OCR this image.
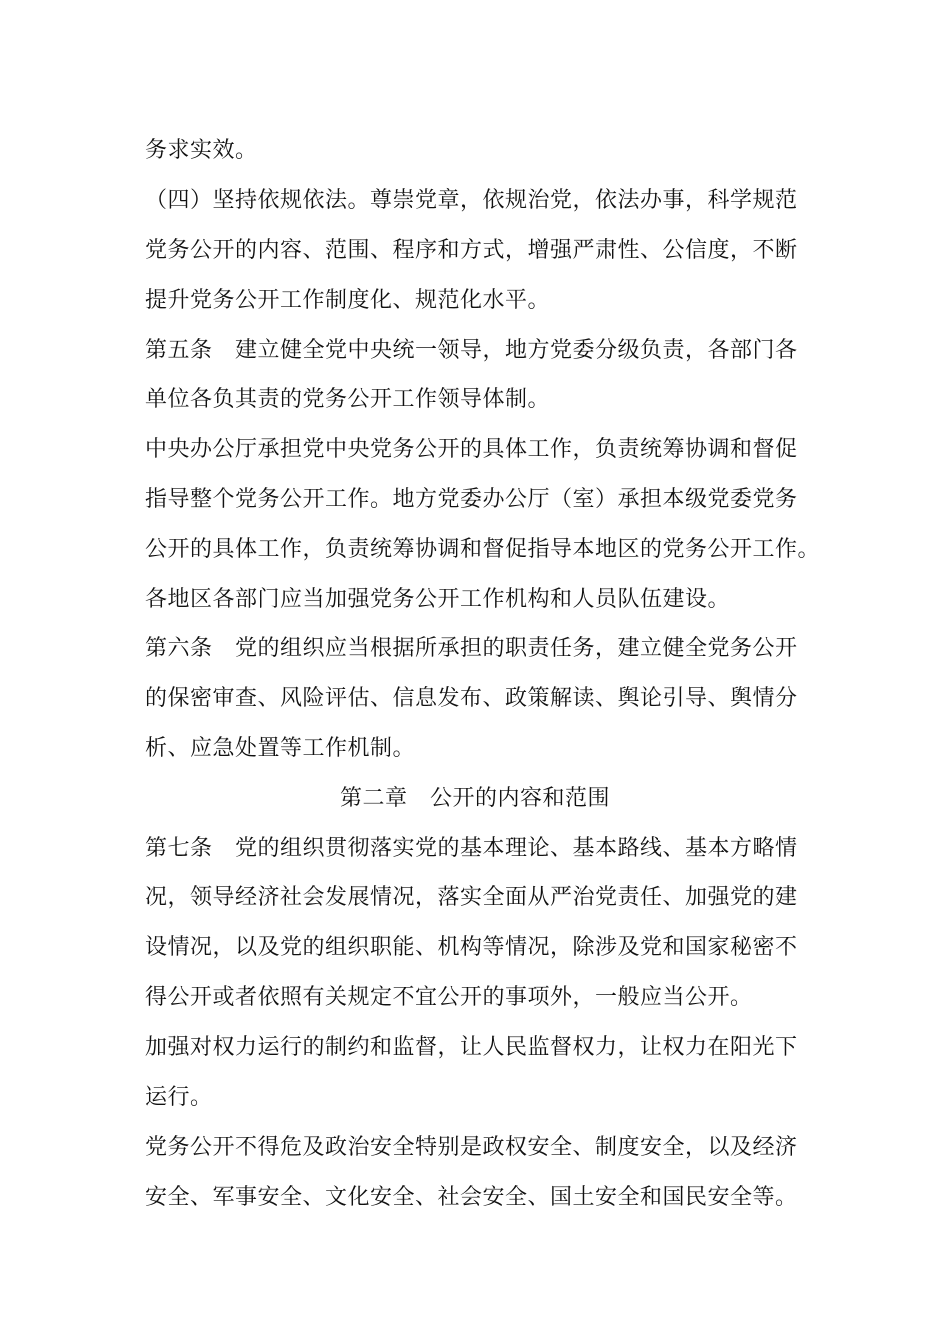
务求实效。
（四）坚持依规依法。尊崇党章，依规治党，依法办事，科学规范
党务公开的内容、范围、程序和方式，增强严肃性、公信度，不断
提升党务公开工作制度化、规范化水平。
第五条　建立健全党中央统一领导，地方党委分级负责，各部门各
单位各负其责的党务公开工作领导体制。
中央办公厅承担党中央党务公开的具体工作，负责统筹协调和督促
指导整个党务公开工作。地方党委办公厅（室）承担本级党委党务
公开的具体工作，负责统筹协调和督促指导本地区的党务公开工作。
各地区各部门应当加强党务公开工作机构和人员队伍建设。
第六条　党的组织应当根据所承担的职责任务，建立健全党务公开
的保密审查、风险评估、信息发布、政策解读、舆论引导、舆情分
析、应急处置等工作机制。
第二章　公开的内容和范围
第七条　党的组织贯彻落实党的基本理论、基本路线、基本方略情
况，领导经济社会发展情况，落实全面从严治党责任、加强党的建
设情况，以及党的组织职能、机构等情况，除涉及党和国家秘密不
得公开或者依照有关规定不宜公开的事项外，一般应当公开。
加强对权力运行的制约和监督，让人民监督权力，让权力在阳光下
运行。
党务公开不得危及政治安全特别是政权安全、制度安全，以及经济
安全、军事安全、文化安全、社会安全、国土安全和国民安全等。
